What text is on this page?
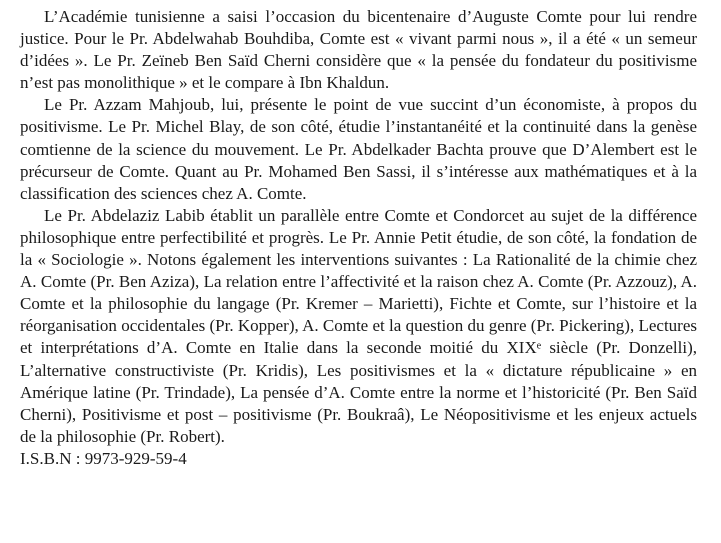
L’Académie tunisienne a saisi l’occasion du bicentenaire d’Auguste Comte pour lui rendre justice. Pour le Pr. Abdelwahab Bouhdiba, Comte est « vivant parmi nous », il a été « un semeur d’idées ». Le Pr. Zeïneb Ben Saïd Cherni considère que « la pensée du fondateur du positivisme n’est pas monolithique » et le compare à Ibn Khaldun.

Le Pr. Azzam Mahjoub, lui, présente le point de vue succint d’un économiste, à propos du positivisme. Le Pr. Michel Blay, de son côté, étudie l’instantanéité et la continuité dans la genèse comtienne de la science du mouvement. Le Pr. Abdelkader Bachta prouve que D’Alembert est le précurseur de Comte. Quant au Pr. Mohamed Ben Sassi, il s’intéresse aux mathématiques et à la classification des sciences chez A. Comte.

Le Pr. Abdelaziz Labib établit un parallèle entre Comte et Condorcet au sujet de la différence philosophique entre perfectibilité et progrès. Le Pr. Annie Petit étudie, de son côté, la fondation de la « Sociologie ». Notons également les interventions suivantes : La Rationalité de la chimie chez A. Comte (Pr. Ben Aziza), La relation entre l’affectivité et la raison chez A. Comte (Pr. Azzouz), A. Comte et la philosophie du langage (Pr. Kremer – Marietti), Fichte et Comte, sur l’histoire et la réorganisation occidentales (Pr. Kopper), A. Comte et la question du genre (Pr. Pickering), Lectures et interprétations d’A. Comte en Italie dans la seconde moitié du XIXᵉ siècle (Pr. Donzelli), L’alternative constructiviste (Pr. Kridis), Les positivismes et la « dictature républicaine » en Amérique latine (Pr. Trindade), La pensée d’A. Comte entre la norme et l’historicité (Pr. Ben Saïd Cherni), Positivisme et post – positivisme (Pr. Boukraâ), Le Néopositivisme et les enjeux actuels de la philosophie (Pr. Robert).

I.S.B.N : 9973-929-59-4
